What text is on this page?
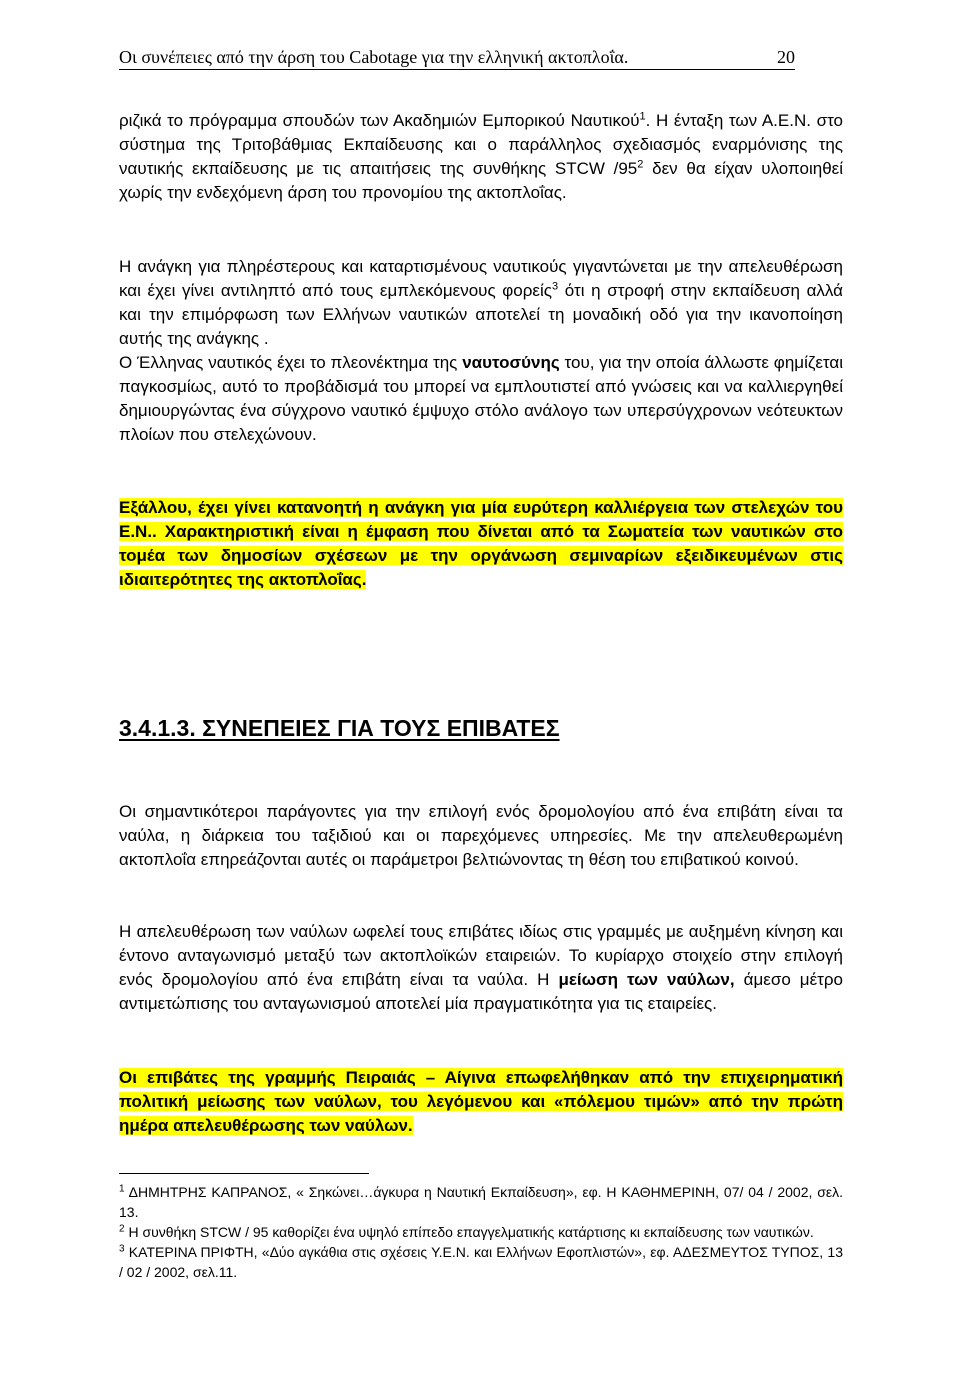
Οι συνέπειες από την άρση του Cabotage για την ελληνική ακτοπλοΐα.	20

ριζικά το πρόγραμμα σπουδών των Ακαδημιών Εμπορικού Ναυτικού$^1$. Η ένταξη των Α.Ε.Ν. στο σύστημα της Τριτοβάθμιας Εκπαίδευσης και ο παράλληλος σχεδιασμός εναρμόνισης της ναυτικής εκπαίδευσης με τις απαιτήσεις της συνθήκης STCW $/95^2$ δεν θα είχαν υλοποιηθεί χωρίς την ενδεχόμενη άρση του προνομίου της ακτοπλοΐας.

Η ανάγκη για πληρέστερους και καταρτισμένους ναυτικούς γιγαντώνεται με την απελευθέρωση και έχει γίνει αντιληπτό από τους εμπλεκόμενους φορείς$^3$ ότι η στροφή στην εκπαίδευση αλλά και την επιμόρφωση των Ελλήνων ναυτικών αποτελεί τη μοναδική οδό για την ικανοποίηση αυτής της ανάγκης .

Ο Έλληνας ναυτικός έχει το πλεονέκτημα της ναυτοσύνης του, για την οποία άλλωστε φημίζεται παγκοσμίως, αυτό το προβάδισμά του μπορεί να εμπλουτιστεί από γνώσεις και να καλλιεργηθεί δημιουργώντας ένα σύγχρονο ναυτικό έμψυχο στόλο ανάλογο των υπερσύγχρονων νεότευκτων πλοίων που στελεχώνουν.

Εξάλλου, έχει γίνει κατανοητή η ανάγκη για μία ευρύτερη καλλιέργεια των στελεχών του Ε.Ν.. Χαρακτηριστική είναι η έμφαση που δίνεται από τα Σωματεία των ναυτικών στο τομέα των δημοσίων σχέσεων με την οργάνωση σεμιναρίων εξειδικευμένων στις ιδιαιτερότητες της ακτοπλοΐας.

3.4.1.3. ΣΥΝΕΠΕΙΕΣ ΓΙΑ ΤΟΥΣ ΕΠΙΒΑΤΕΣ

Οι σημαντικότεροι παράγοντες για την επιλογή ενός δρομολογίου από ένα επιβάτη είναι τα ναύλα, η διάρκεια του ταξιδιού και οι παρεχόμενες υπηρεσίες. Με την απελευθερωμένη ακτοπλοΐα επηρεάζονται αυτές οι παράμετροι βελτιώνοντας τη θέση του επιβατικού κοινού.

Η απελευθέρωση των ναύλων ωφελεί τους επιβάτες ιδίως στις γραμμές με αυξημένη κίνηση και έντονο ανταγωνισμό μεταξύ των ακτοπλοϊκών εταιρειών. Το κυρίαρχο στοιχείο στην επιλογή ενός δρομολογίου από ένα επιβάτη είναι τα ναύλα. Η μείωση των ναύλων, άμεσο μέτρο αντιμετώπισης του ανταγωνισμού αποτελεί μία πραγματικότητα για τις εταιρείες.

Οι επιβάτες της γραμμής Πειραιάς – Αίγινα επωφελήθηκαν από την επιχειρηματική πολιτική μείωσης των ναύλων, του λεγόμενου και «πόλεμου τιμών» από την πρώτη ημέρα απελευθέρωσης των ναύλων.

$^1$ ΔΗΜΗΤΡΗΣ ΚΑΠΡΑΝΟΣ, « Σηκώνει…άγκυρα η Ναυτική Εκπαίδευση», εφ. Η ΚΑΘΗΜΕΡΙΝΗ, 07/ 04 / 2002, σελ. 13.

$^2$ Η συνθήκη STCW / 95 καθορίζει ένα υψηλό επίπεδο επαγγελματικής κατάρτισης κι εκπαίδευσης των ναυτικών.

$^3$ ΚΑΤΕΡΙΝΑ ΠΡΙΦΤΗ, «Δύο αγκάθια στις σχέσεις Υ.Ε.Ν. και Ελλήνων Εφοπλιστών», εφ. ΑΔΕΣΜΕΥΤΟΣ ΤΥΠΟΣ, 13 / 02 / 2002, σελ.11.
